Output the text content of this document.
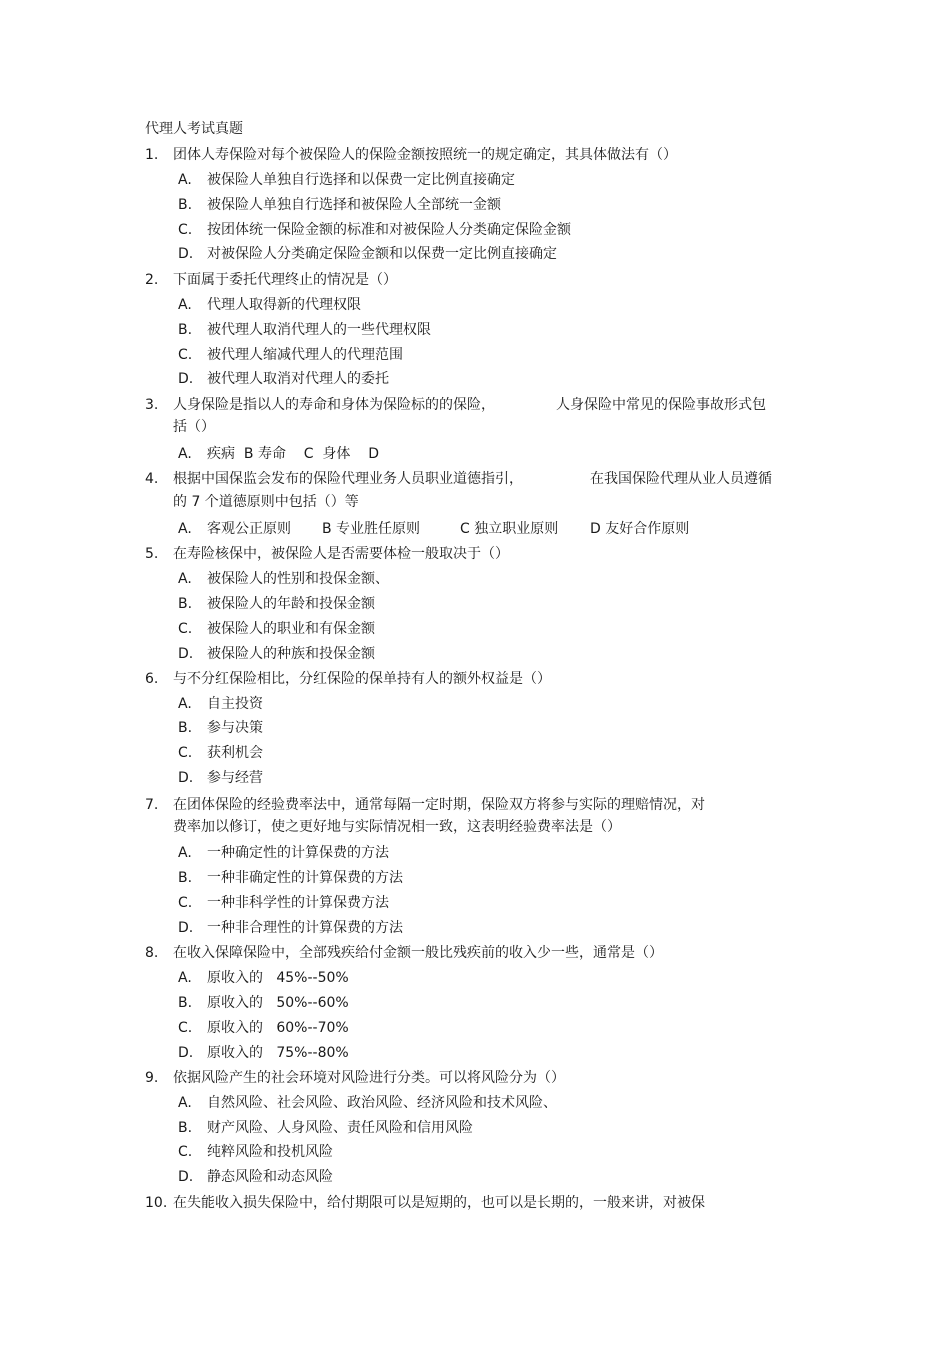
代理人考试真题
1. 团体人寿保险对每个被保险人的保险金额按照统一的规定确定，其具体做法有（）
A. 被保险人单独自行选择和以保费一定比例直接确定
B. 被保险人单独自行选择和被保险人全部统一金额
C. 按团体统一保险金额的标准和对被保险人分类确定保险金额
D. 对被保险人分类确定保险金额和以保费一定比例直接确定
2. 下面属于委托代理终止的情况是（）
A. 代理人取得新的代理权限
B. 被代理人取消代理人的一些代理权限
C. 被代理人缩减代理人的代理范围
D. 被代理人取消对代理人的委托
3. 人身保险是指以人的寿命和身体为保险标的的保险，	人身保险中常见的保险事故形式包
括（）
A. 疾病  B 寿命    C  身体    D
4. 根据中国保监会发布的保险代理业务人员职业道德指引，	在我国保险代理从业人员遵循
的 7 个道德原则中包括（）等
A. 客观公正原则 B 专业胜任原则	C 独立职业原则 D 友好合作原则
5. 在寿险核保中，被保险人是否需要体检一般取决于（）
A. 被保险人的性别和投保金额、
B. 被保险人的年龄和投保金额
C. 被保险人的职业和有保金额
D. 被保险人的种族和投保金额
6. 与不分红保险相比，分红保险的保单持有人的额外权益是（）
A. 自主投资
B. 参与决策
C. 获利机会
D. 参与经营
7. 在团体保险的经验费率法中，通常每隔一定时期，保险双方将参与实际的理赔情况，对
费率加以修订，使之更好地与实际情况相一致，这表明经验费率法是（）
A. 一种确定性的计算保费的方法
B. 一种非确定性的计算保费的方法
C. 一种非科学性的计算保费方法
D. 一种非合理性的计算保费的方法
8. 在收入保障保险中，全部残疾给付金额一般比残疾前的收入少一些，通常是（）
A. 原收入的   45%--50%
B. 原收入的   50%--60%
C. 原收入的   60%--70%
D. 原收入的   75%--80%
9. 依据风险产生的社会环境对风险进行分类。可以将风险分为（）
A. 自然风险、社会风险、政治风险、经济风险和技术风险、
B. 财产风险、人身风险、责任风险和信用风险
C. 纯粹风险和投机风险
D. 静态风险和动态风险
10. 在失能收入损失保险中，给付期限可以是短期的，也可以是长期的，一般来讲，对被保
